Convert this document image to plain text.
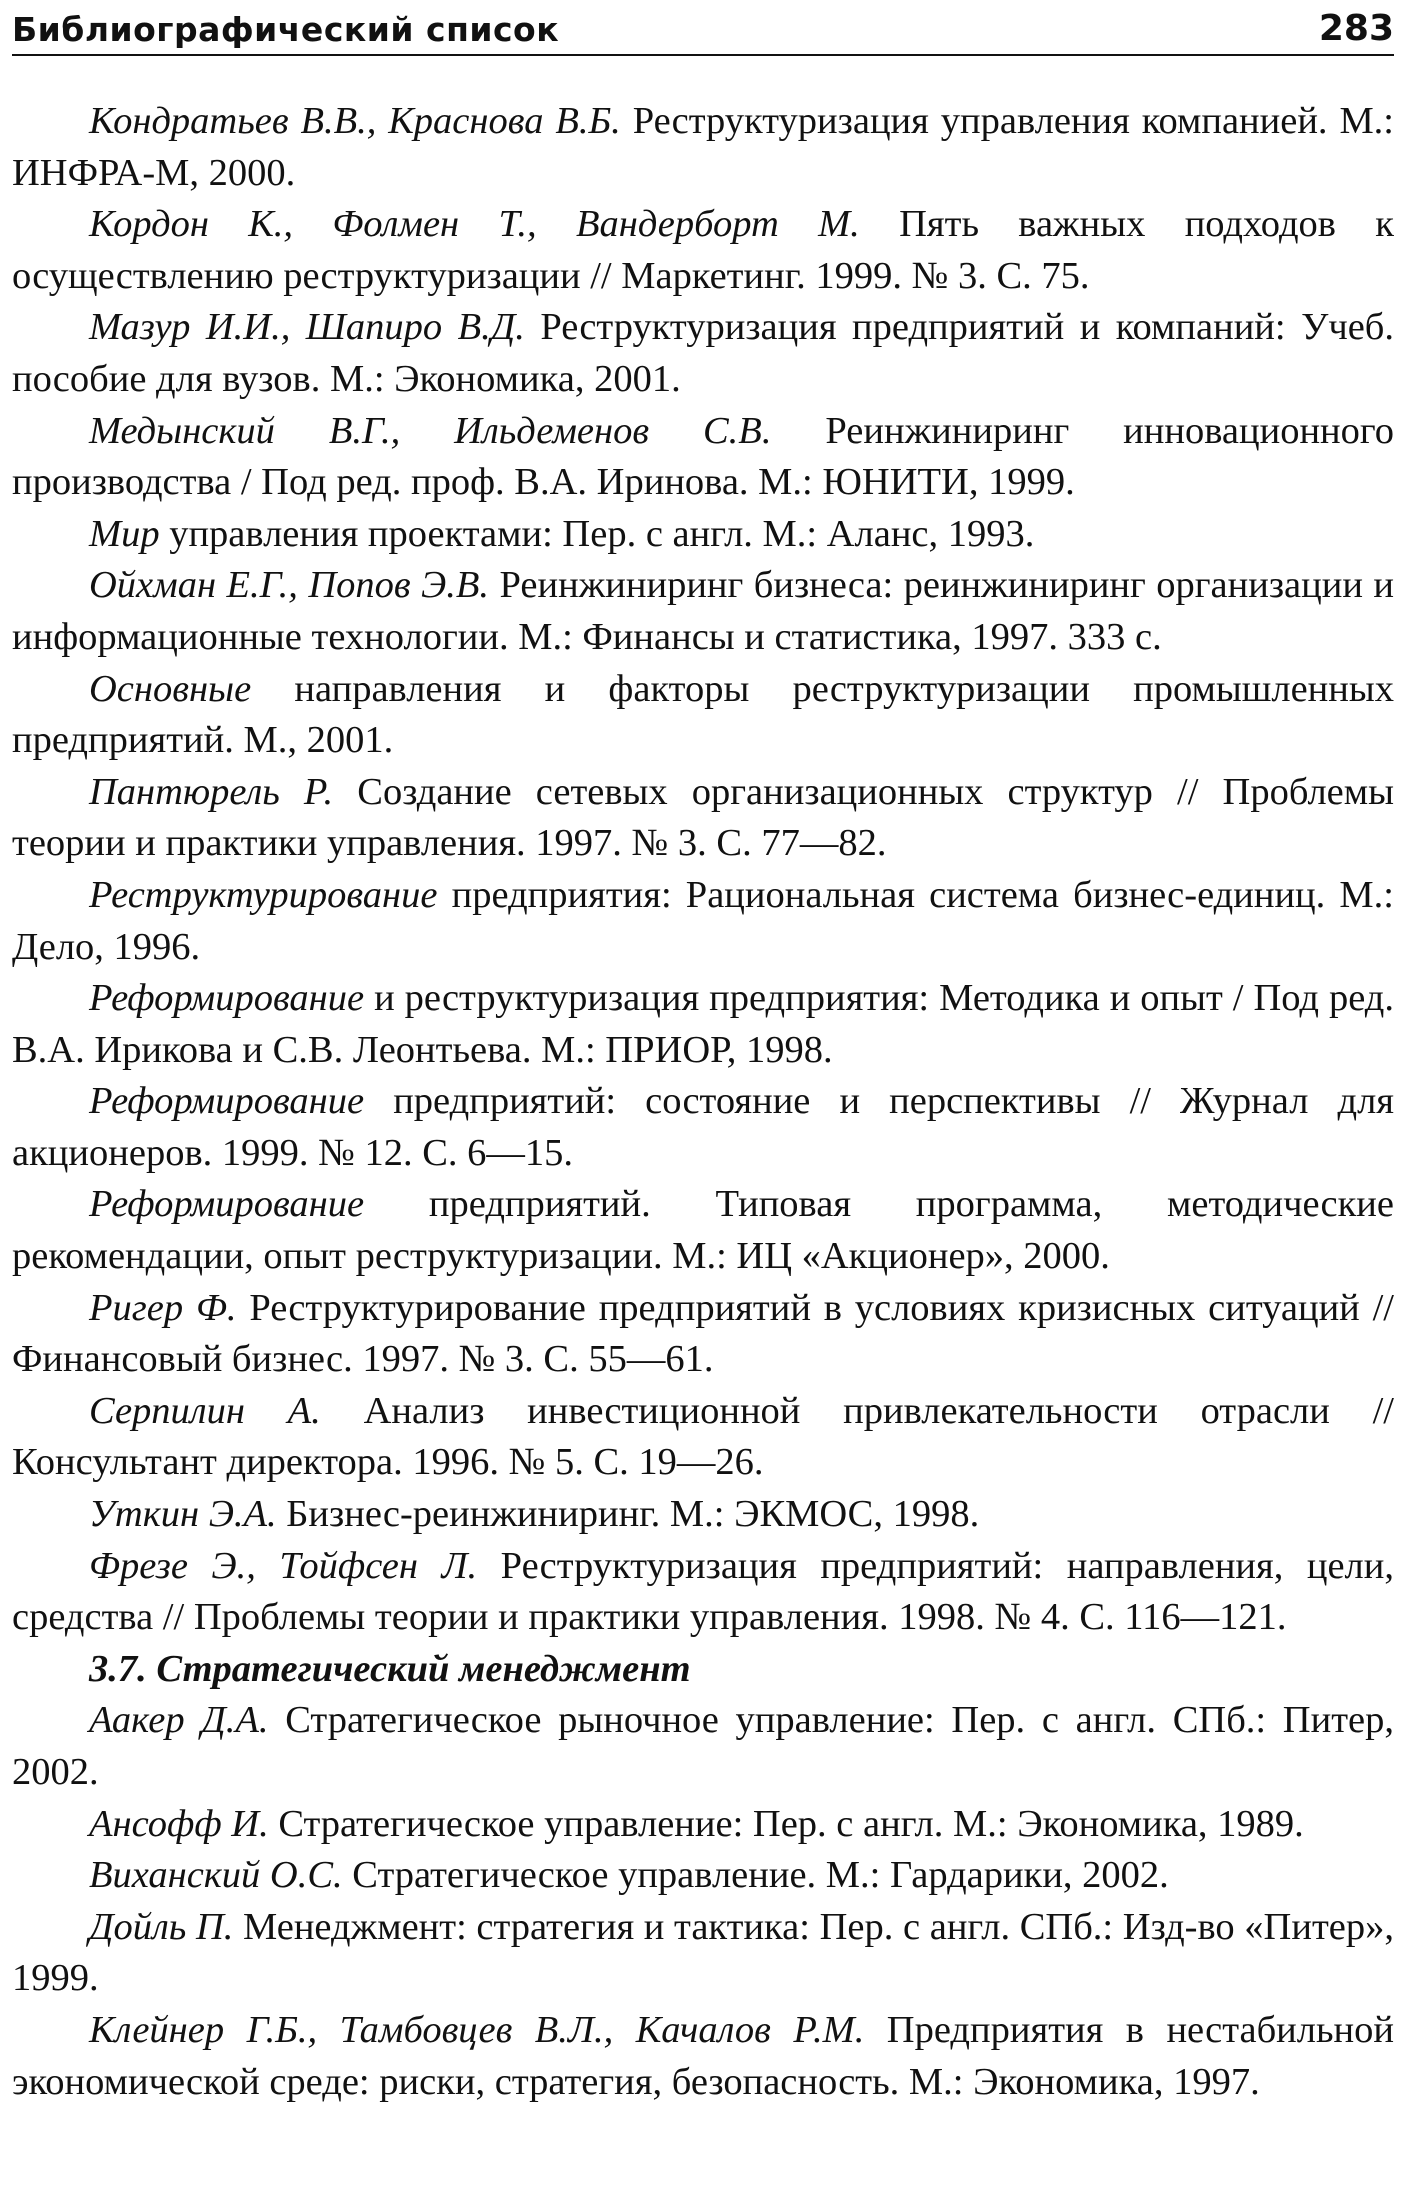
Библиографический список	283

Кондратьев В.В., Краснова В.Б. Реструктуризация управления компанией. М.: ИНФРА-М, 2000.

Кордон К., Фолмен Т., Вандерборт М. Пять важных подходов к осуществлению реструктуризации // Маркетинг. 1999. № 3. С. 75.

Мазур И.И., Шапиро В.Д. Реструктуризация предприятий и компаний: Учеб. пособие для вузов. М.: Экономика, 2001.

Медынский В.Г., Ильдеменов С.В. Реинжиниринг инновационного производства / Под ред. проф. В.А. Иринова. М.: ЮНИТИ, 1999.

Мир управления проектами: Пер. с англ. М.: Аланс, 1993.

Ойхман Е.Г., Попов Э.В. Реинжиниринг бизнеса: реинжиниринг организации и информационные технологии. М.: Финансы и статистика, 1997. 333 с.

Основные направления и факторы реструктуризации промышленных предприятий. М., 2001.

Пантюрель Р. Создание сетевых организационных структур // Проблемы теории и практики управления. 1997. № 3. С. 77—82.

Реструктурирование предприятия: Рациональная система бизнес-единиц. М.: Дело, 1996.

Реформирование и реструктуризация предприятия: Методика и опыт / Под ред. В.А. Ирикова и С.В. Леонтьева. М.: ПРИОР, 1998.

Реформирование предприятий: состояние и перспективы // Журнал для акционеров. 1999. № 12. С. 6—15.

Реформирование предприятий. Типовая программа, методические рекомендации, опыт реструктуризации. М.: ИЦ «Акционер», 2000.

Ригер Ф. Реструктурирование предприятий в условиях кризисных ситуаций // Финансовый бизнес. 1997. № 3. С. 55—61.

Серпилин А. Анализ инвестиционной привлекательности отрасли // Консультант директора. 1996. № 5. С. 19—26.

Уткин Э.А. Бизнес-реинжиниринг. М.: ЭКМОС, 1998.

Фрезе Э., Тойфсен Л. Реструктуризация предприятий: направления, цели, средства // Проблемы теории и практики управления. 1998. № 4. С. 116—121.

3.7. Стратегический менеджмент

Аакер Д.А. Стратегическое рыночное управление: Пер. с англ. СПб.: Питер, 2002.

Ансофф И. Стратегическое управление: Пер. с англ. М.: Экономика, 1989.

Виханский О.С. Стратегическое управление. М.: Гардарики, 2002.

Дойль П. Менеджмент: стратегия и тактика: Пер. с англ. СПб.: Изд-во «Питер», 1999.

Клейнер Г.Б., Тамбовцев В.Л., Качалов Р.М. Предприятия в нестабильной экономической среде: риски, стратегия, безопасность. М.: Экономика, 1997.
